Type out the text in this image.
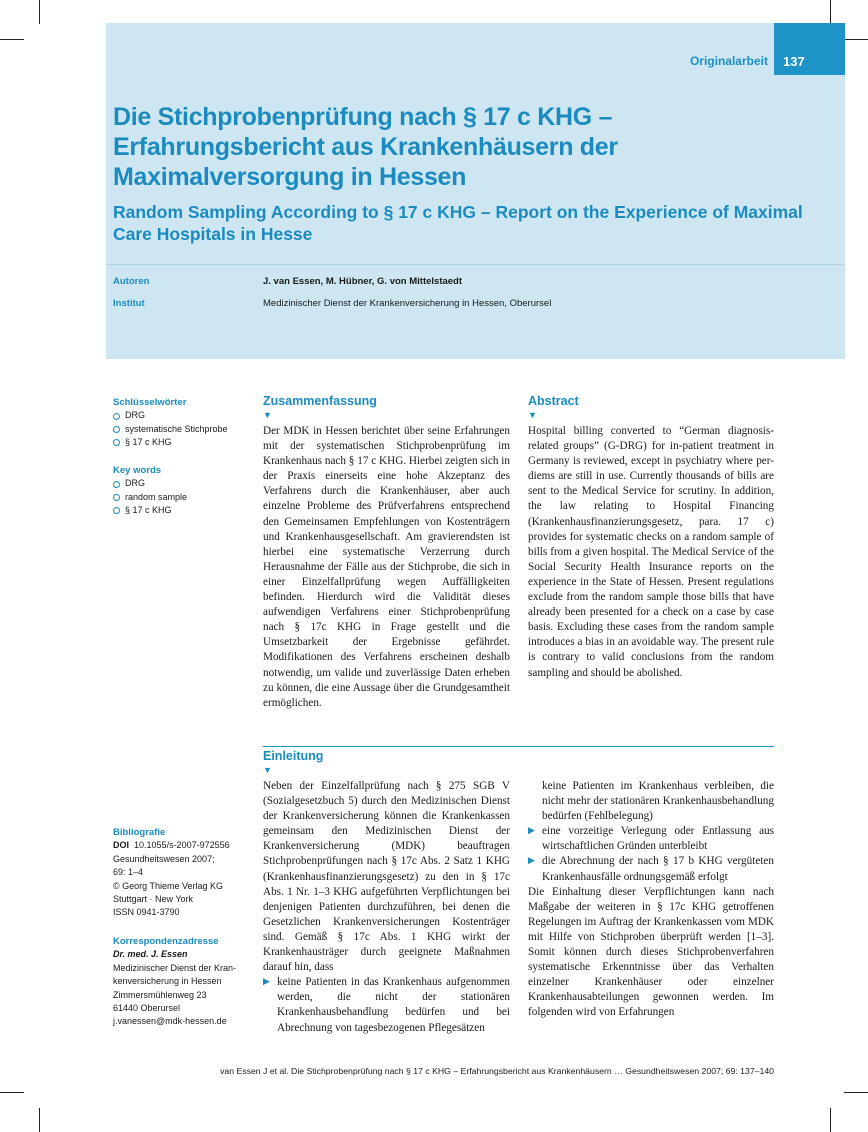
Originalarbeit	137
Die Stichprobenprüfung nach § 17 c KHG – Erfahrungsbericht aus Krankenhäusern der Maximalversorgung in Hessen
Random Sampling According to § 17 c KHG – Report on the Experience of Maximal Care Hospitals in Hesse
Autoren	J. van Essen, M. Hübner, G. von Mittelstaedt
Institut	Medizinischer Dienst der Krankenversicherung in Hessen, Oberursel
Schlüsselwörter
DRG
systematische Stichprobe
§ 17 c KHG
Key words
DRG
random sample
§ 17 c KHG
Bibliografie
DOI 10.1055/s-2007-972556
Gesundheitswesen 2007;
69: 1–4
© Georg Thieme Verlag KG
Stuttgart · New York
ISSN 0941-3790
Korrespondenzadresse
Dr. med. J. Essen
Medizinischer Dienst der Kran-
kenversicherung in Hessen
Zimmersmühlenweg 23
61440 Oberursel
j.vanessen@mdk-hessen.de
Zusammenfassung
▼

Der MDK in Hessen berichtet über seine Erfahrungen mit der systematischen Stichprobenprüfung im Krankenhaus nach § 17 c KHG. Hierbei zeigten sich in der Praxis einerseits eine hohe Akzeptanz des Verfahrens durch die Krankenhäuser, aber auch einzelne Probleme des Prüfverfahrens entsprechend den Gemeinsamen Empfehlungen von Kostenträgern und Krankenhausgesellschaft. Am gravierendsten ist hierbei eine systematische Verzerrung durch Herausnahme der Fälle aus der Stichprobe, die sich in einer Einzelfallprüfung wegen Auffälligkeiten befinden. Hierdurch wird die Validität dieses aufwendigen Verfahrens einer Stichprobenprüfung nach § 17c KHG in Frage gestellt und die Umsetzbarkeit der Ergebnisse gefährdet. Modifikationen des Verfahrens erscheinen deshalb notwendig, um valide und zuverlässige Daten erheben zu können, die eine Aussage über die Grundgesamtheit ermöglichen.

Abstract
▼

Hospital billing converted to “German diagnosis-related groups” (G-DRG) for in-patient treatment in Germany is reviewed, except in psychiatry where per-diems are still in use. Currently thousands of bills are sent to the Medical Service for scrutiny. In addition, the law relating to Hospital Financing (Krankenhausfinanzierungsgesetz, para. 17 c) provides for systematic checks on a random sample of bills from a given hospital. The Medical Service of the Social Security Health Insurance reports on the experience in the State of Hessen. Present regulations exclude from the random sample those bills that have already been presented for a check on a case by case basis. Excluding these cases from the random sample introduces a bias in an avoidable way. The present rule is contrary to valid conclusions from the random sampling and should be abolished.

Einleitung
▼
Neben der Einzelfallprüfung nach § 275 SGB V (Sozialgesetzbuch 5) durch den Medizinischen Dienst der Krankenversicherung können die Krankenkassen gemeinsam den Medizinischen Dienst der Krankenversicherung (MDK) beauftragen Stichprobenprüfungen nach § 17c Abs. 2 Satz 1 KHG (Krankenhausfinanzierungsgesetz) zu den in § 17c Abs. 1 Nr. 1–3 KHG aufgeführten Verpflichtungen bei denjenigen Patienten durchzuführen, bei denen die Gesetzlichen Krankenversicherungen Kostenträger sind. Gemäß § 17c Abs. 1 KHG wirkt der Krankenhausträger durch geeignete Maßnahmen darauf hin, dass
▶ keine Patienten in das Krankenhaus aufgenommen werden, die nicht der stationären Krankenhausbehandlung bedürfen und bei Abrechnung von tagesbezogenen Pflegesätzen
keine Patienten im Krankenhaus verbleiben, die nicht mehr der stationären Krankenhausbehandlung bedürfen (Fehlbelegung)
▶ eine vorzeitige Verlegung oder Entlassung aus wirtschaftlichen Gründen unterbleibt
▶ die Abrechnung der nach § 17 b KHG vergüteten Krankenhausfälle ordnungsgemäß erfolgt
Die Einhaltung dieser Verpflichtungen kann nach Maßgabe der weiteren in § 17c KHG getroffenen Regelungen im Auftrag der Krankenkassen vom MDK mit Hilfe von Stichproben überprüft werden [1–3]. Somit können durch dieses Stichprobenverfahren systematische Erkenntnisse über das Verhalten einzelner Krankenhäuser oder einzelner Krankenhausabteilungen gewonnen werden. Im folgenden wird von Erfahrungen
van Essen J et al. Die Stichprobenprüfung nach § 17 c KHG – Erfahrungsbericht aus Krankenhäusern … Gesundheitswesen 2007; 69: 137–140
